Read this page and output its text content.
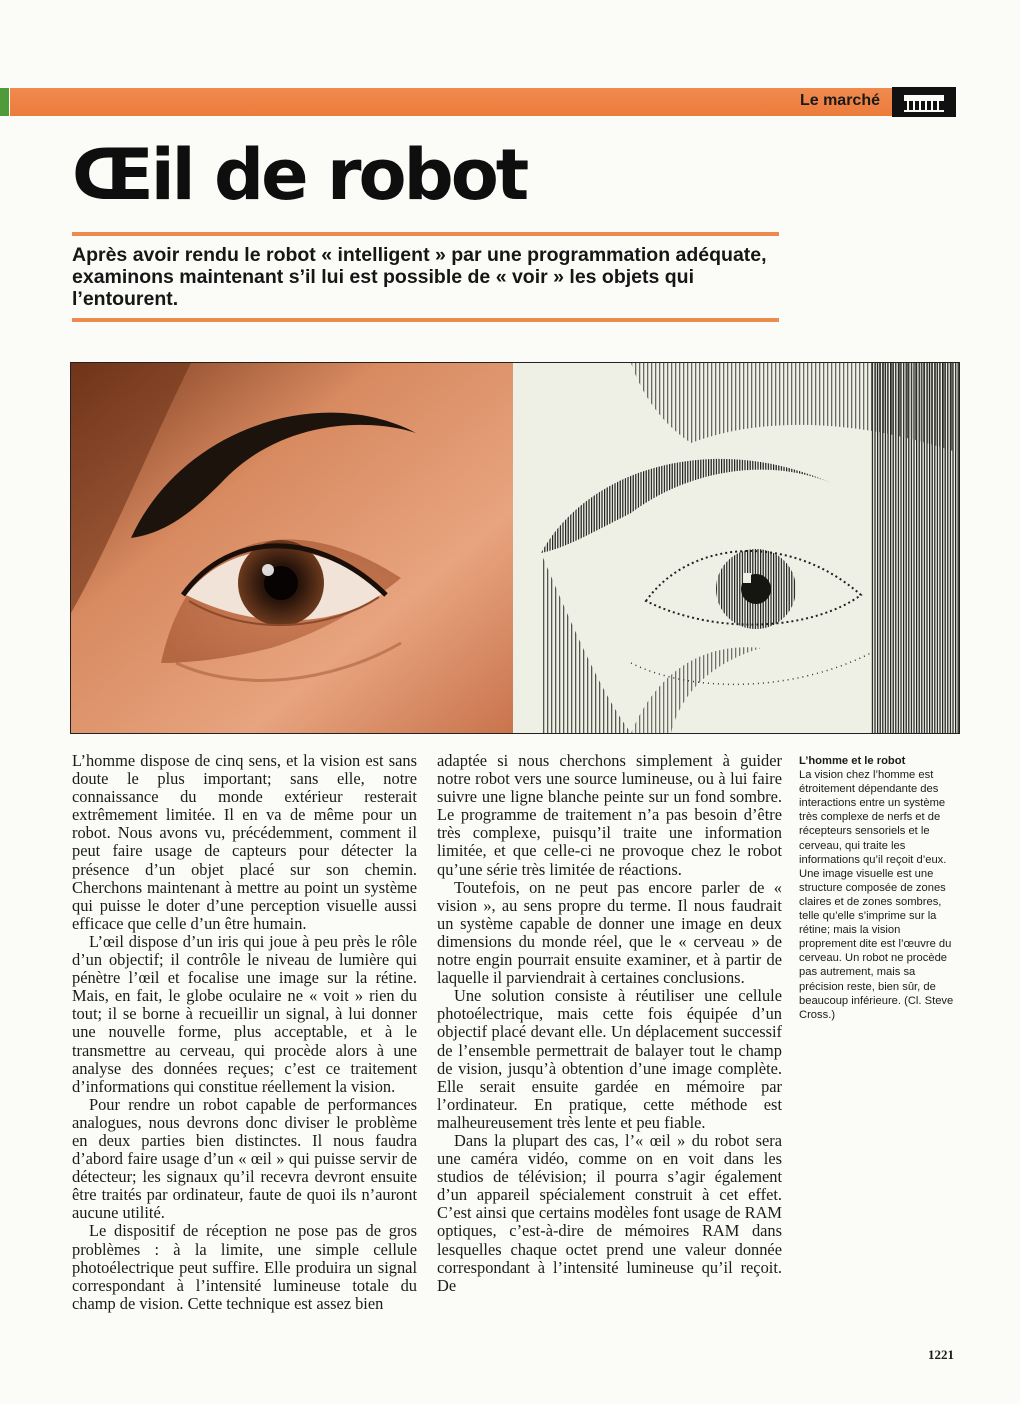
Le marché
Œil de robot

Après avoir rendu le robot « intelligent » par une programmation adéquate, examinons maintenant s’il lui est possible de « voir » les objets qui l’entourent.

L’homme dispose de cinq sens, et la vision est sans doute le plus important; sans elle, notre connaissance du monde extérieur resterait extrêmement limitée. Il en va de même pour un robot. Nous avons vu, précédemment, comment il peut faire usage de capteurs pour détecter la présence d’un objet placé sur son chemin. Cherchons maintenant à mettre au point un système qui puisse le doter d’une perception visuelle aussi efficace que celle d’un être humain.

L’œil dispose d’un iris qui joue à peu près le rôle d’un objectif; il contrôle le niveau de lumière qui pénètre l’œil et focalise une image sur la rétine. Mais, en fait, le globe oculaire ne « voit » rien du tout; il se borne à recueillir un signal, à lui donner une nouvelle forme, plus acceptable, et à le transmettre au cerveau, qui procède alors à une analyse des données reçues; c’est ce traitement d’informations qui constitue réellement la vision.

Pour rendre un robot capable de performances analogues, nous devrons donc diviser le problème en deux parties bien distinctes. Il nous faudra d’abord faire usage d’un « œil » qui puisse servir de détecteur; les signaux qu’il recevra devront ensuite être traités par ordinateur, faute de quoi ils n’auront aucune utilité.

Le dispositif de réception ne pose pas de gros problèmes : à la limite, une simple cellule photoélectrique peut suffire. Elle produira un signal correspondant à l’intensité lumineuse totale du champ de vision. Cette technique est assez bien

adaptée si nous cherchons simplement à guider notre robot vers une source lumineuse, ou à lui faire suivre une ligne blanche peinte sur un fond sombre. Le programme de traitement n’a pas besoin d’être très complexe, puisqu’il traite une information limitée, et que celle-ci ne provoque chez le robot qu’une série très limitée de réactions.

Toutefois, on ne peut pas encore parler de « vision », au sens propre du terme. Il nous faudrait un système capable de donner une image en deux dimensions du monde réel, que le « cerveau » de notre engin pourrait ensuite examiner, et à partir de laquelle il parviendrait à certaines conclusions.

Une solution consiste à réutiliser une cellule photoélectrique, mais cette fois équipée d’un objectif placé devant elle. Un déplacement successif de l’ensemble permettrait de balayer tout le champ de vision, jusqu’à obtention d’une image complète. Elle serait ensuite gardée en mémoire par l’ordinateur. En pratique, cette méthode est malheureusement très lente et peu fiable.

Dans la plupart des cas, l’« œil » du robot sera une caméra vidéo, comme on en voit dans les studios de télévision; il pourra s’agir également d’un appareil spécialement construit à cet effet. C’est ainsi que certains modèles font usage de RAM optiques, c’est-à-dire de mémoires RAM dans lesquelles chaque octet prend une valeur donnée correspondant à l’intensité lumineuse qu’il reçoit. De

L’homme et le robot
La vision chez l’homme est étroitement dépendante des interactions entre un système très complexe de nerfs et de récepteurs sensoriels et le cerveau, qui traite les informations qu’il reçoit d’eux. Une image visuelle est une structure composée de zones claires et de zones sombres, telle qu’elle s’imprime sur la rétine; mais la vision proprement dite est l’œuvre du cerveau. Un robot ne procède pas autrement, mais sa précision reste, bien sûr, de beaucoup inférieure. (Cl. Steve Cross.)
1221
